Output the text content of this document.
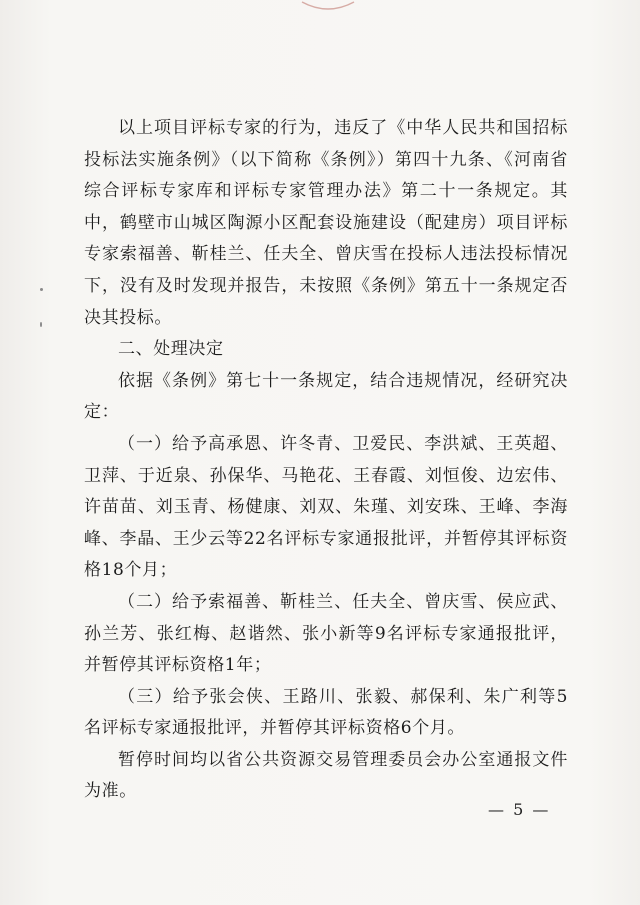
以上项目评标专家的行为，违反了《中华人民共和国招标投标法实施条例》（以下简称《条例》）第四十九条、《河南省综合评标专家库和评标专家管理办法》第二十一条规定。其中，鹤壁市山城区陶源小区配套设施建设（配建房）项目评标专家索福善、靳桂兰、任夫全、曾庆雪在投标人违法投标情况下，没有及时发现并报告，未按照《条例》第五十一条规定否决其投标。

二、处理决定

依据《条例》第七十一条规定，结合违规情况，经研究决定：

（一）给予高承恩、许冬青、卫爱民、李洪斌、王英超、卫萍、于近泉、孙保华、马艳花、王春霞、刘恒俊、边宏伟、许苗苗、刘玉青、杨健康、刘双、朱瑾、刘安珠、王峰、李海峰、李晶、王少云等22名评标专家通报批评，并暂停其评标资格18个月；

（二）给予索福善、靳桂兰、任夫全、曾庆雪、侯应武、孙兰芳、张红梅、赵谐然、张小新等9名评标专家通报批评，并暂停其评标资格1年；

（三）给予张会侠、王路川、张毅、郝保利、朱广利等5名评标专家通报批评，并暂停其评标资格6个月。

暂停时间均以省公共资源交易管理委员会办公室通报文件为准。

— 5 —
